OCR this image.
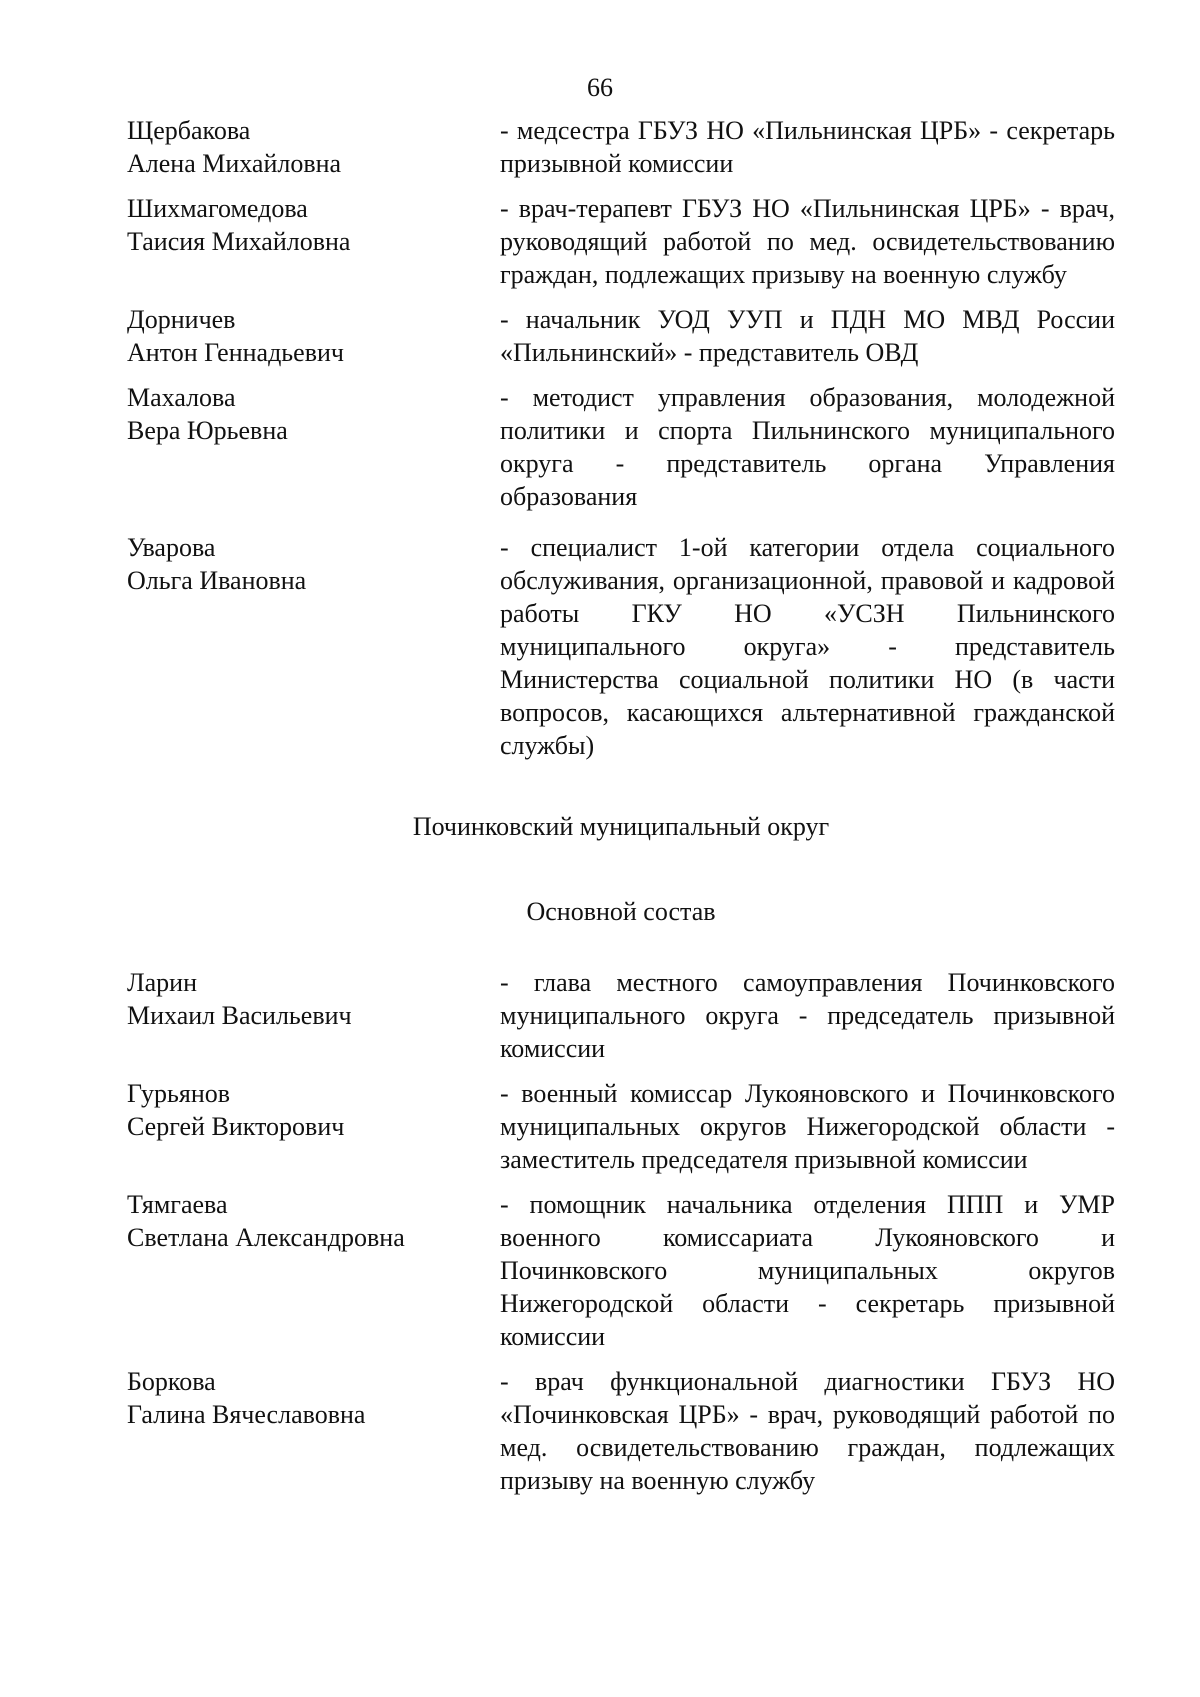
66
Щербакова
Алена Михайловна
- медсестра ГБУЗ НО «Пильнинская ЦРБ» - секретарь призывной комиссии
Шихмагомедова
Таисия Михайловна
- врач-терапевт ГБУЗ НО «Пильнинская ЦРБ» - врач, руководящий работой по мед. освидетельствованию граждан, подлежащих призыву на военную службу
Дорничев
Антон Геннадьевич
- начальник УОД УУП и ПДН МО МВД России «Пильнинский» - представитель ОВД
Махалова
Вера Юрьевна
- методист управления образования, молодежной политики и спорта Пильнинского муниципального округа - представитель органа Управления образования
Уварова
Ольга Ивановна
- специалист 1-ой категории отдела социального обслуживания, организационной, правовой и кадровой работы ГКУ НО «УСЗН Пильнинского муниципального округа» - представитель Министерства социальной политики НО (в части вопросов, касающихся альтернативной гражданской службы)
Починковский муниципальный округ
Основной состав
Ларин
Михаил Васильевич
- глава местного самоуправления Починковского муниципального округа - председатель призывной комиссии
Гурьянов
Сергей Викторович
- военный комиссар Лукояновского и Починковского муниципальных округов Нижегородской области - заместитель председателя призывной комиссии
Тямгаева
Светлана Александровна
- помощник начальника отделения ППП и УМР военного комиссариата Лукояновского и Починковского муниципальных округов Нижегородской области - секретарь призывной комиссии
Боркова
Галина Вячеславовна
- врач функциональной диагностики ГБУЗ НО «Починковская ЦРБ» - врач, руководящий работой по мед. освидетельствованию граждан, подлежащих призыву на военную службу
